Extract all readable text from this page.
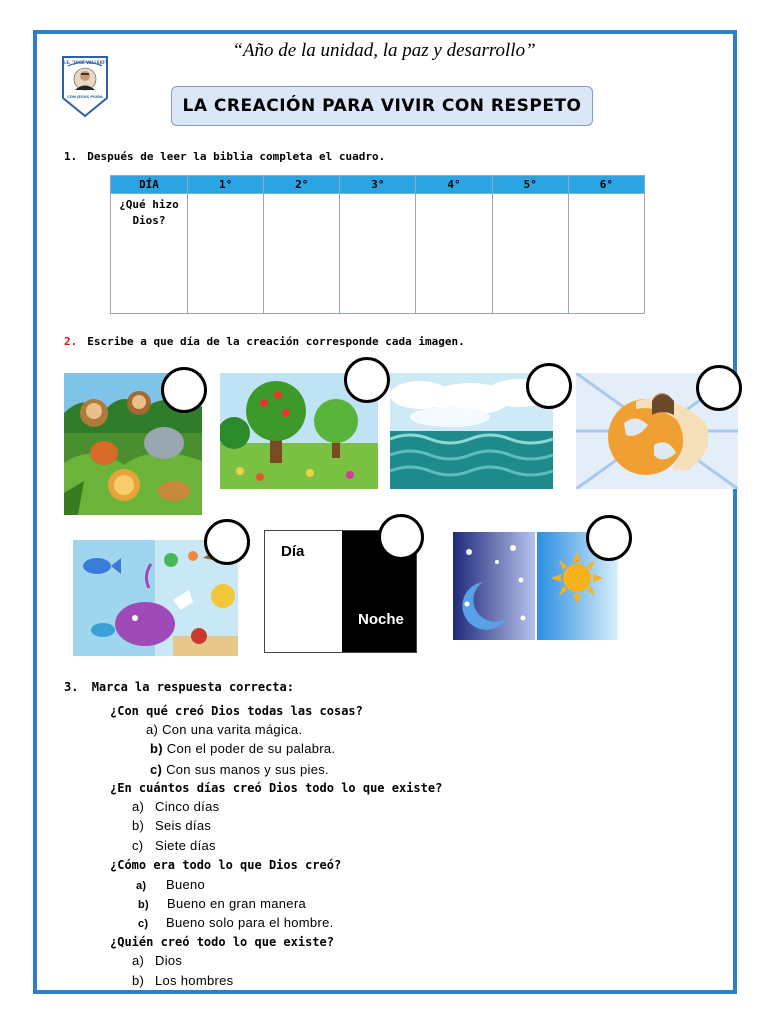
I.E. "JOSÉ VALLEJO"
CON JESÚS PIURA
“Año de la unidad, la paz y desarrollo”
LA CREACIÓN PARA VIVIR CON RESPETO
1. Después de leer la biblia completa el cuadro.
DÍA	1°	2°	3°	4°	5°	6°

¿Qué hizo
Dios?						

2. Escribe a que día de la creación corresponde cada imagen.
Día
Noche
3. Marca la respuesta correcta:
¿Con qué creó Dios todas las cosas?
a) Con una varita mágica.
b) Con el poder de su palabra.
c) Con sus manos y sus pies.
¿En cuántos días creó Dios todo lo que existe?
a) Cinco días
b) Seis días
c) Siete días
¿Cómo era todo lo que Dios creó?
a) Bueno
b) Bueno en gran manera
c) Bueno solo para el hombre.
¿Quién creó todo lo que existe?
a) Dios
b) Los hombres
